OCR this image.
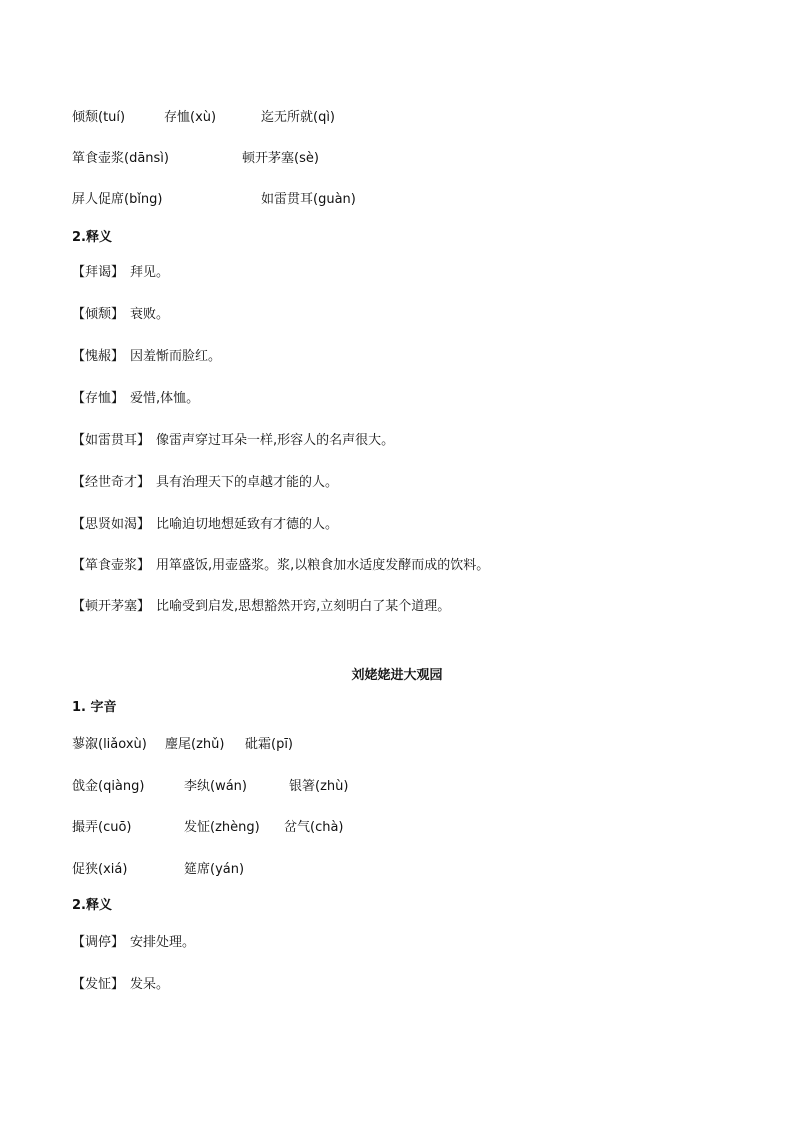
倾颓(tuí)	存恤(xù)	迄无所就(qì)
箪食壶浆(dānsì)	顿开茅塞(sè)
屏人促席(bǐng)	如雷贯耳(guàn)
2.释义
【拜谒】 拜见。
【倾颓】 衰败。
【愧赧】 因羞惭而脸红。
【存恤】 爱惜,体恤。
【如雷贯耳】 像雷声穿过耳朵一样,形容人的名声很大。
【经世奇才】 具有治理天下的卓越才能的人。
【思贤如渴】 比喻迫切地想延致有才德的人。
【箪食壶浆】 用箪盛饭,用壶盛浆。浆,以粮食加水适度发酵而成的饮料。
【顿开茅塞】 比喻受到启发,思想豁然开窍,立刻明白了某个道理。
刘姥姥进大观园
1. 字音
蓼溆(liǎoxù) 麈尾(zhǔ) 砒霜(pī)
戗金(qiàng)	李纨(wán)	银箸(zhù)
撮弄(cuō)	发怔(zhèng) 岔气(chà)
促狭(xiá)	筵席(yán)
2.释义
【调停】 安排处理。
【发怔】 发呆。
